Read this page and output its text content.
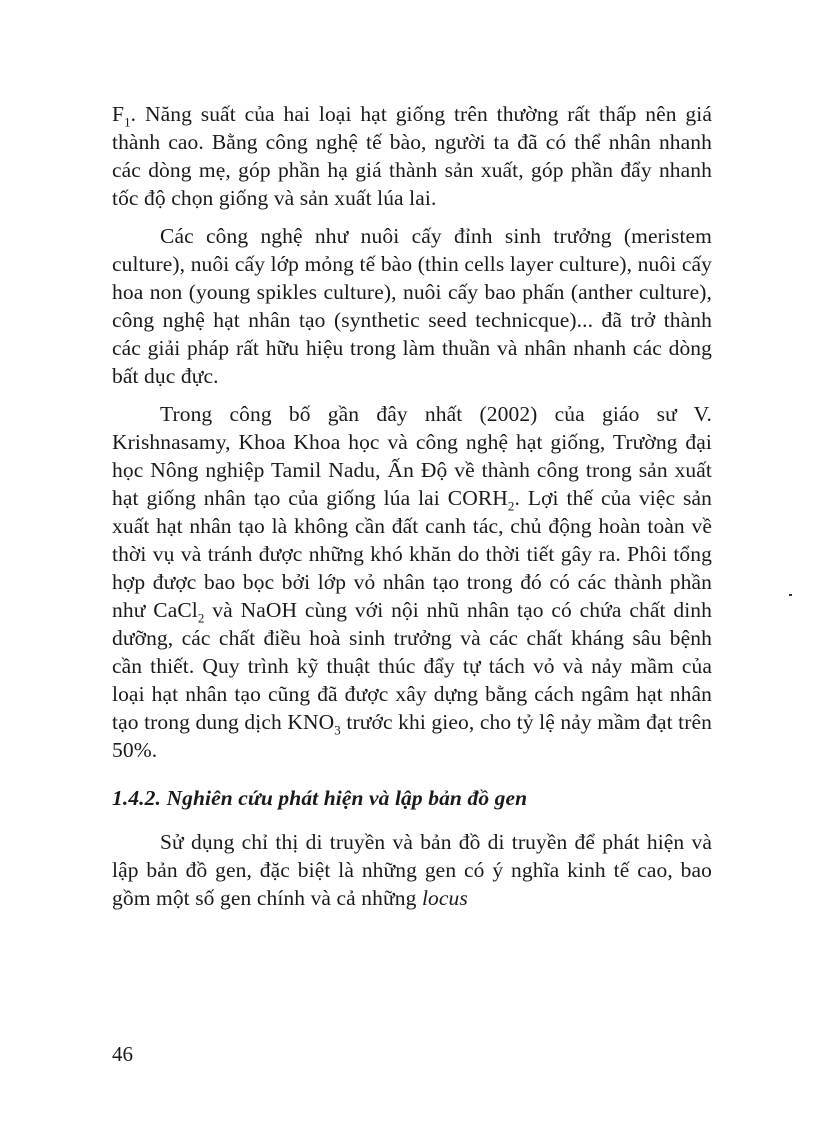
$F_1$. Năng suất của hai loại hạt giống trên thường rất thấp nên giá thành cao. Bằng công nghệ tế bào, người ta đã có thể nhân nhanh các dòng mẹ, góp phần hạ giá thành sản xuất, góp phần đẩy nhanh tốc độ chọn giống và sản xuất lúa lai.

Các công nghệ như nuôi cấy đỉnh sinh trưởng (meristem culture), nuôi cấy lớp mỏng tế bào (thin cells layer culture), nuôi cấy hoa non (young spikles culture), nuôi cấy bao phấn (anther culture), công nghệ hạt nhân tạo (synthetic seed technicque)... đã trở thành các giải pháp rất hữu hiệu trong làm thuần và nhân nhanh các dòng bất dục đực.

Trong công bố gần đây nhất (2002) của giáo sư V. Krishnasamy, Khoa Khoa học và công nghệ hạt giống, Trường đại học Nông nghiệp Tamil Nadu, Ấn Độ về thành công trong sản xuất hạt giống nhân tạo của giống lúa lai $CORH_2$. Lợi thế của việc sản xuất hạt nhân tạo là không cần đất canh tác, chủ động hoàn toàn về thời vụ và tránh được những khó khăn do thời tiết gây ra. Phôi tổng hợp được bao bọc bởi lớp vỏ nhân tạo trong đó có các thành phần như CaCl$_2$ và NaOH cùng với nội nhũ nhân tạo có chứa chất dinh dưỡng, các chất điều hoà sinh trưởng và các chất kháng sâu bệnh cần thiết. Quy trình kỹ thuật thúc đẩy tự tách vỏ và nảy mầm của loại hạt nhân tạo cũng đã được xây dựng bằng cách ngâm hạt nhân tạo trong dung dịch $KNO_3$ trước khi gieo, cho tỷ lệ nảy mầm đạt trên 50%.

1.4.2. Nghiên cứu phát hiện và lập bản đồ gen

Sử dụng chỉ thị di truyền và bản đồ di truyền để phát hiện và lập bản đồ gen, đặc biệt là những gen có ý nghĩa kinh tế cao, bao gồm một số gen chính và cả những locus

46
